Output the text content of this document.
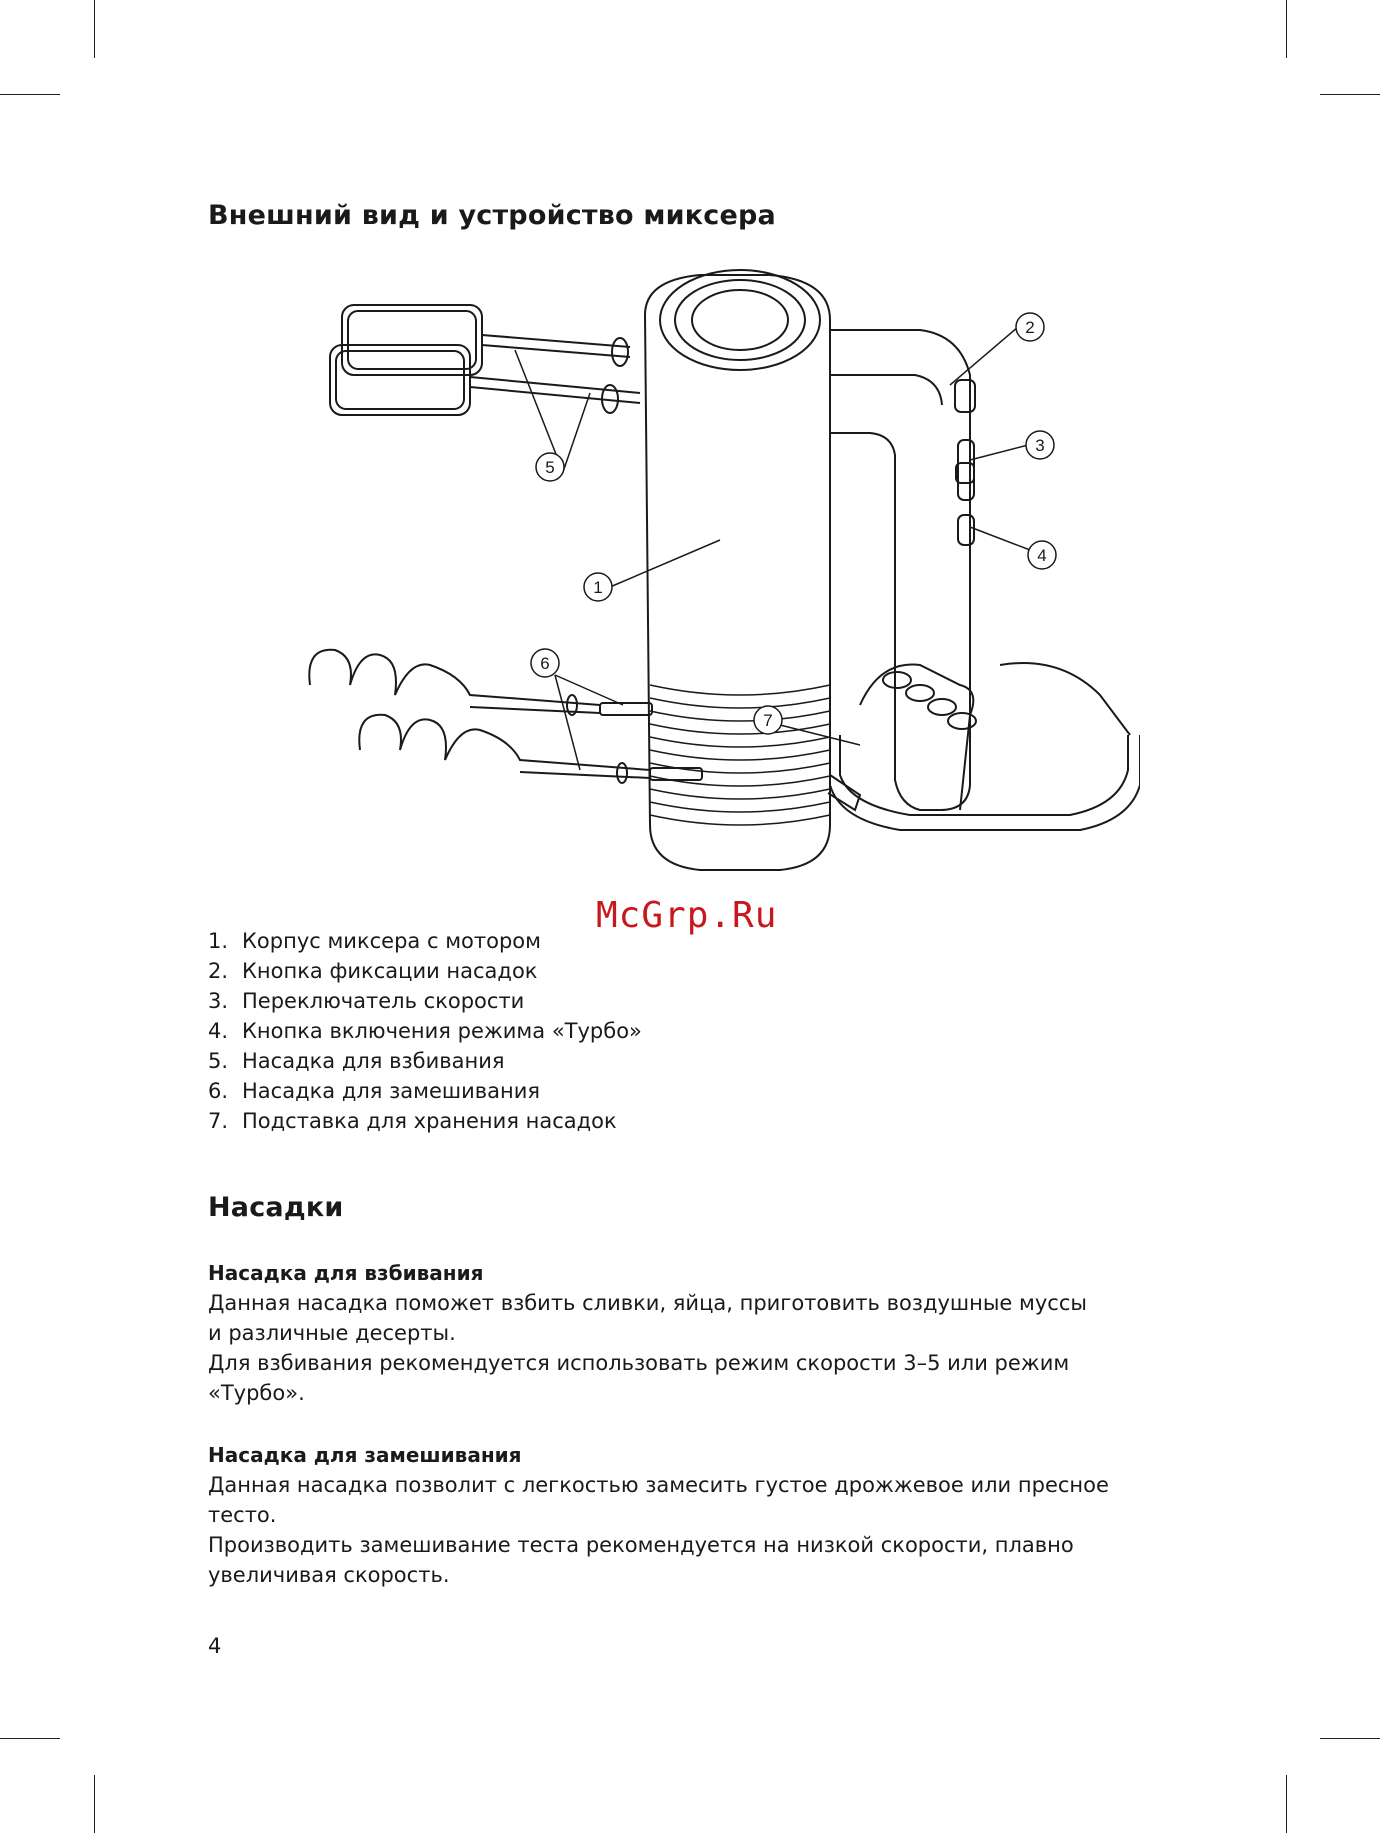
Внешний вид и устройство миксера
1
2
3
4
5
6
7
McGrp.Ru
1. Корпус миксера с мотором
2. Кнопка фиксации насадок
3. Переключатель скорости
4. Кнопка включения режима «Турбо»
5. Насадка для взбивания
6. Насадка для замешивания
7. Подставка для хранения насадок
Насадки

Насадка для взбивания

Данная насадка поможет взбить сливки, яйца, приготовить воздушные муссы

и различные десерты.

Для взбивания рекомендуется использовать режим скорости 3–5 или режим

«Турбо».

Насадка для замешивания

Данная насадка позволит с легкостью замесить густое дрожжевое или пресное

тесто.

Производить замешивание теста рекомендуется на низкой скорости, плавно

увеличивая скорость.

4
